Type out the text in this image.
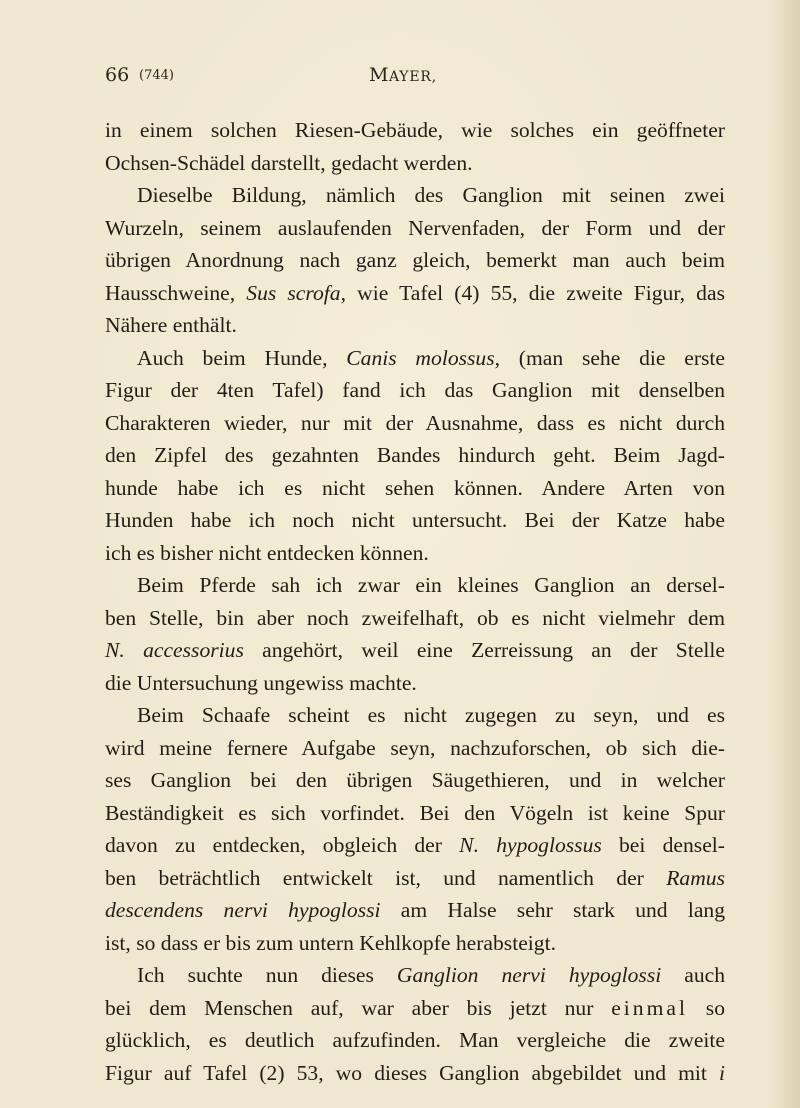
66 (744)	MAYER,
in einem solchen Riesen-Gebäude, wie solches ein geöffneter
Ochsen-Schädel darstellt, gedacht werden.
Dieselbe Bildung, nämlich des Ganglion mit seinen zwei
Wurzeln, seinem auslaufenden Nervenfaden, der Form und der
übrigen Anordnung nach ganz gleich, bemerkt man auch beim
Hausschweine, Sus scrofa, wie Tafel (4) 55, die zweite Figur, das
Nähere enthält.
Auch beim Hunde, Canis molossus, (man sehe die erste
Figur der 4ten Tafel) fand ich das Ganglion mit denselben
Charakteren wieder, nur mit der Ausnahme, dass es nicht durch
den Zipfel des gezahnten Bandes hindurch geht. Beim Jagd-
hunde habe ich es nicht sehen können. Andere Arten von
Hunden habe ich noch nicht untersucht. Bei der Katze habe
ich es bisher nicht entdecken können.
Beim Pferde sah ich zwar ein kleines Ganglion an dersel-
ben Stelle, bin aber noch zweifelhaft, ob es nicht vielmehr dem
N. accessorius angehört, weil eine Zerreissung an der Stelle
die Untersuchung ungewiss machte.
Beim Schaafe scheint es nicht zugegen zu seyn, und es
wird meine fernere Aufgabe seyn, nachzuforschen, ob sich die-
ses Ganglion bei den übrigen Säugethieren, und in welcher
Beständigkeit es sich vorfindet. Bei den Vögeln ist keine Spur
davon zu entdecken, obgleich der N. hypoglossus bei densel-
ben beträchtlich entwickelt ist, und namentlich der Ramus
descendens nervi hypoglossi am Halse sehr stark und lang
ist, so dass er bis zum untern Kehlkopfe herabsteigt.
Ich suchte nun dieses Ganglion nervi hypoglossi auch
bei dem Menschen auf, war aber bis jetzt nur einmal so
glücklich, es deutlich aufzufinden. Man vergleiche die zweite
Figur auf Tafel (2) 53, wo dieses Ganglion abgebildet und mit i
